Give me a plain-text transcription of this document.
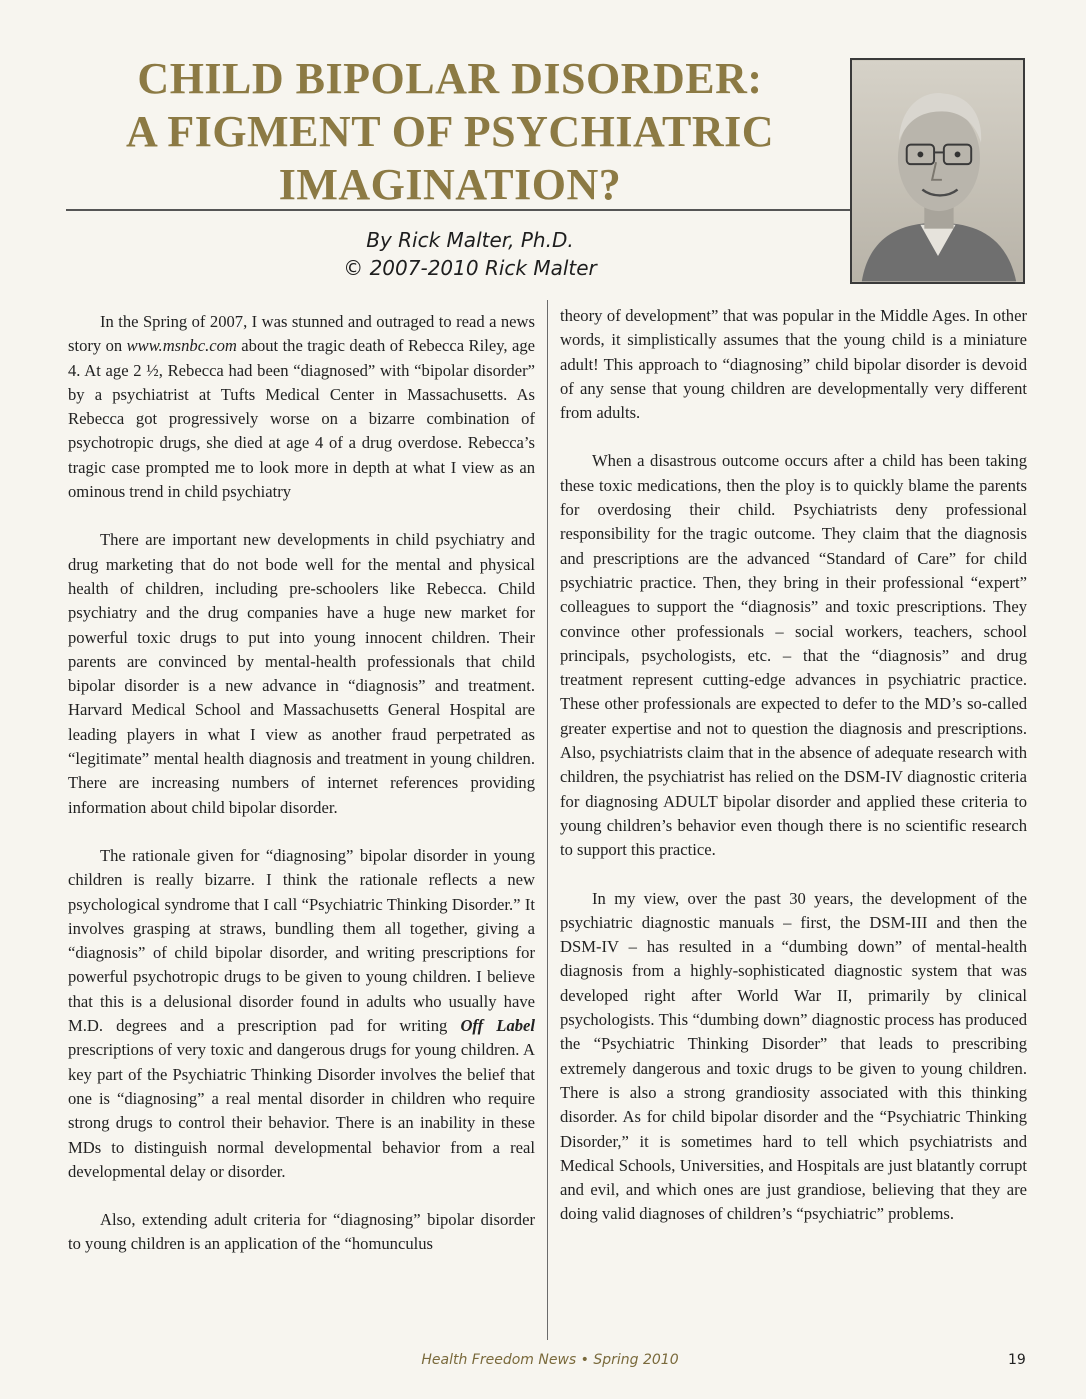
CHILD BIPOLAR DISORDER:
A FIGMENT OF PSYCHIATRIC
IMAGINATION?
By Rick Malter, Ph.D.
© 2007-2010 Rick Malter

In the Spring of 2007, I was stunned and outraged to read a news story on www.msnbc.com about the tragic death of Rebecca Riley, age 4. At age 2 ½, Rebecca had been “diagnosed” with “bipolar disorder” by a psychiatrist at Tufts Medical Center in Massachusetts. As Rebecca got progressively worse on a bizarre combination of psychotropic drugs, she died at age 4 of a drug overdose. Rebecca’s tragic case prompted me to look more in depth at what I view as an ominous trend in child psychiatry

There are important new developments in child psychiatry and drug marketing that do not bode well for the mental and physical health of children, including pre-schoolers like Rebecca. Child psychiatry and the drug companies have a huge new market for powerful toxic drugs to put into young innocent children. Their parents are convinced by mental-health professionals that child bipolar disorder is a new advance in “diagnosis” and treatment. Harvard Medical School and Massachusetts General Hospital are leading players in what I view as another fraud perpetrated as “legitimate” mental health diagnosis and treatment in young children. There are increasing numbers of internet references providing information about child bipolar disorder.

The rationale given for “diagnosing” bipolar disorder in young children is really bizarre. I think the rationale reflects a new psychological syndrome that I call “Psychiatric Thinking Disorder.” It involves grasping at straws, bundling them all together, giving a “diagnosis” of child bipolar disorder, and writing prescriptions for powerful psychotropic drugs to be given to young children. I believe that this is a delusional disorder found in adults who usually have M.D. degrees and a prescription pad for writing Off Label prescriptions of very toxic and dangerous drugs for young children. A key part of the Psychiatric Thinking Disorder involves the belief that one is “diagnosing” a real mental disorder in children who require strong drugs to control their behavior. There is an inability in these MDs to distinguish normal developmental behavior from a real developmental delay or disorder.

Also, extending adult criteria for “diagnosing” bipolar disorder to young children is an application of the “homunculus

theory of development” that was popular in the Middle Ages. In other words, it simplistically assumes that the young child is a miniature adult! This approach to “diagnosing” child bipolar disorder is devoid of any sense that young children are developmentally very different from adults.

When a disastrous outcome occurs after a child has been taking these toxic medications, then the ploy is to quickly blame the parents for overdosing their child. Psychiatrists deny professional responsibility for the tragic outcome. They claim that the diagnosis and prescriptions are the advanced “Standard of Care” for child psychiatric practice. Then, they bring in their professional “expert” colleagues to support the “diagnosis” and toxic prescriptions. They convince other professionals – social workers, teachers, school principals, psychologists, etc. – that the “diagnosis” and drug treatment represent cutting-edge advances in psychiatric practice. These other professionals are expected to defer to the MD’s so-called greater expertise and not to question the diagnosis and prescriptions. Also, psychiatrists claim that in the absence of adequate research with children, the psychiatrist has relied on the DSM-IV diagnostic criteria for diagnosing ADULT bipolar disorder and applied these criteria to young children’s behavior even though there is no scientific research to support this practice.

In my view, over the past 30 years, the development of the psychiatric diagnostic manuals – first, the DSM-III and then the DSM-IV – has resulted in a “dumbing down” of mental-health diagnosis from a highly-sophisticated diagnostic system that was developed right after World War II, primarily by clinical psychologists. This “dumbing down” diagnostic process has produced the “Psychiatric Thinking Disorder” that leads to prescribing extremely dangerous and toxic drugs to be given to young children. There is also a strong grandiosity associated with this thinking disorder. As for child bipolar disorder and the “Psychiatric Thinking Disorder,” it is sometimes hard to tell which psychiatrists and Medical Schools, Universities, and Hospitals are just blatantly corrupt and evil, and which ones are just grandiose, believing that they are doing valid diagnoses of children’s “psychiatric” problems.

Health Freedom News • Spring 2010	19
